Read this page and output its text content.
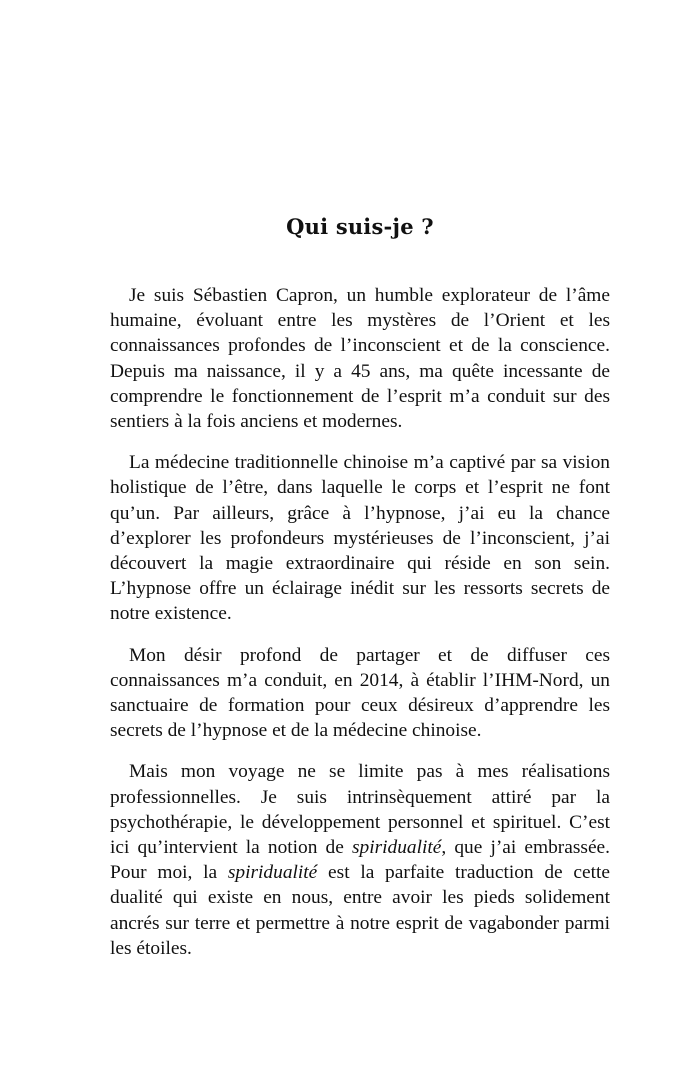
Qui suis-je ?

Je suis Sébastien Capron, un humble explorateur de l’âme humaine, évoluant entre les mystères de l’Orient et les connaissances profondes de l’inconscient et de la conscience. Depuis ma naissance, il y a 45 ans, ma quête incessante de comprendre le fonctionnement de l’esprit m’a conduit sur des sentiers à la fois anciens et modernes.

La médecine traditionnelle chinoise m’a captivé par sa vision holistique de l’être, dans laquelle le corps et l’esprit ne font qu’un. Par ailleurs, grâce à l’hypnose, j’ai eu la chance d’explorer les profondeurs mystérieuses de l’inconscient, j’ai découvert la magie extraordinaire qui réside en son sein. L’hypnose offre un éclairage inédit sur les ressorts secrets de notre existence.

Mon désir profond de partager et de diffuser ces connaissances m’a conduit, en 2014, à établir l’IHM-Nord, un sanctuaire de formation pour ceux désireux d’apprendre les secrets de l’hypnose et de la médecine chinoise.

Mais mon voyage ne se limite pas à mes réalisations professionnelles. Je suis intrinsèquement attiré par la psychothérapie, le développement personnel et spirituel. C’est ici qu’intervient la notion de spiridualité, que j’ai embrassée. Pour moi, la spiridualité est la parfaite traduction de cette dualité qui existe en nous, entre avoir les pieds solidement ancrés sur terre et permettre à notre esprit de vagabonder parmi les étoiles.
